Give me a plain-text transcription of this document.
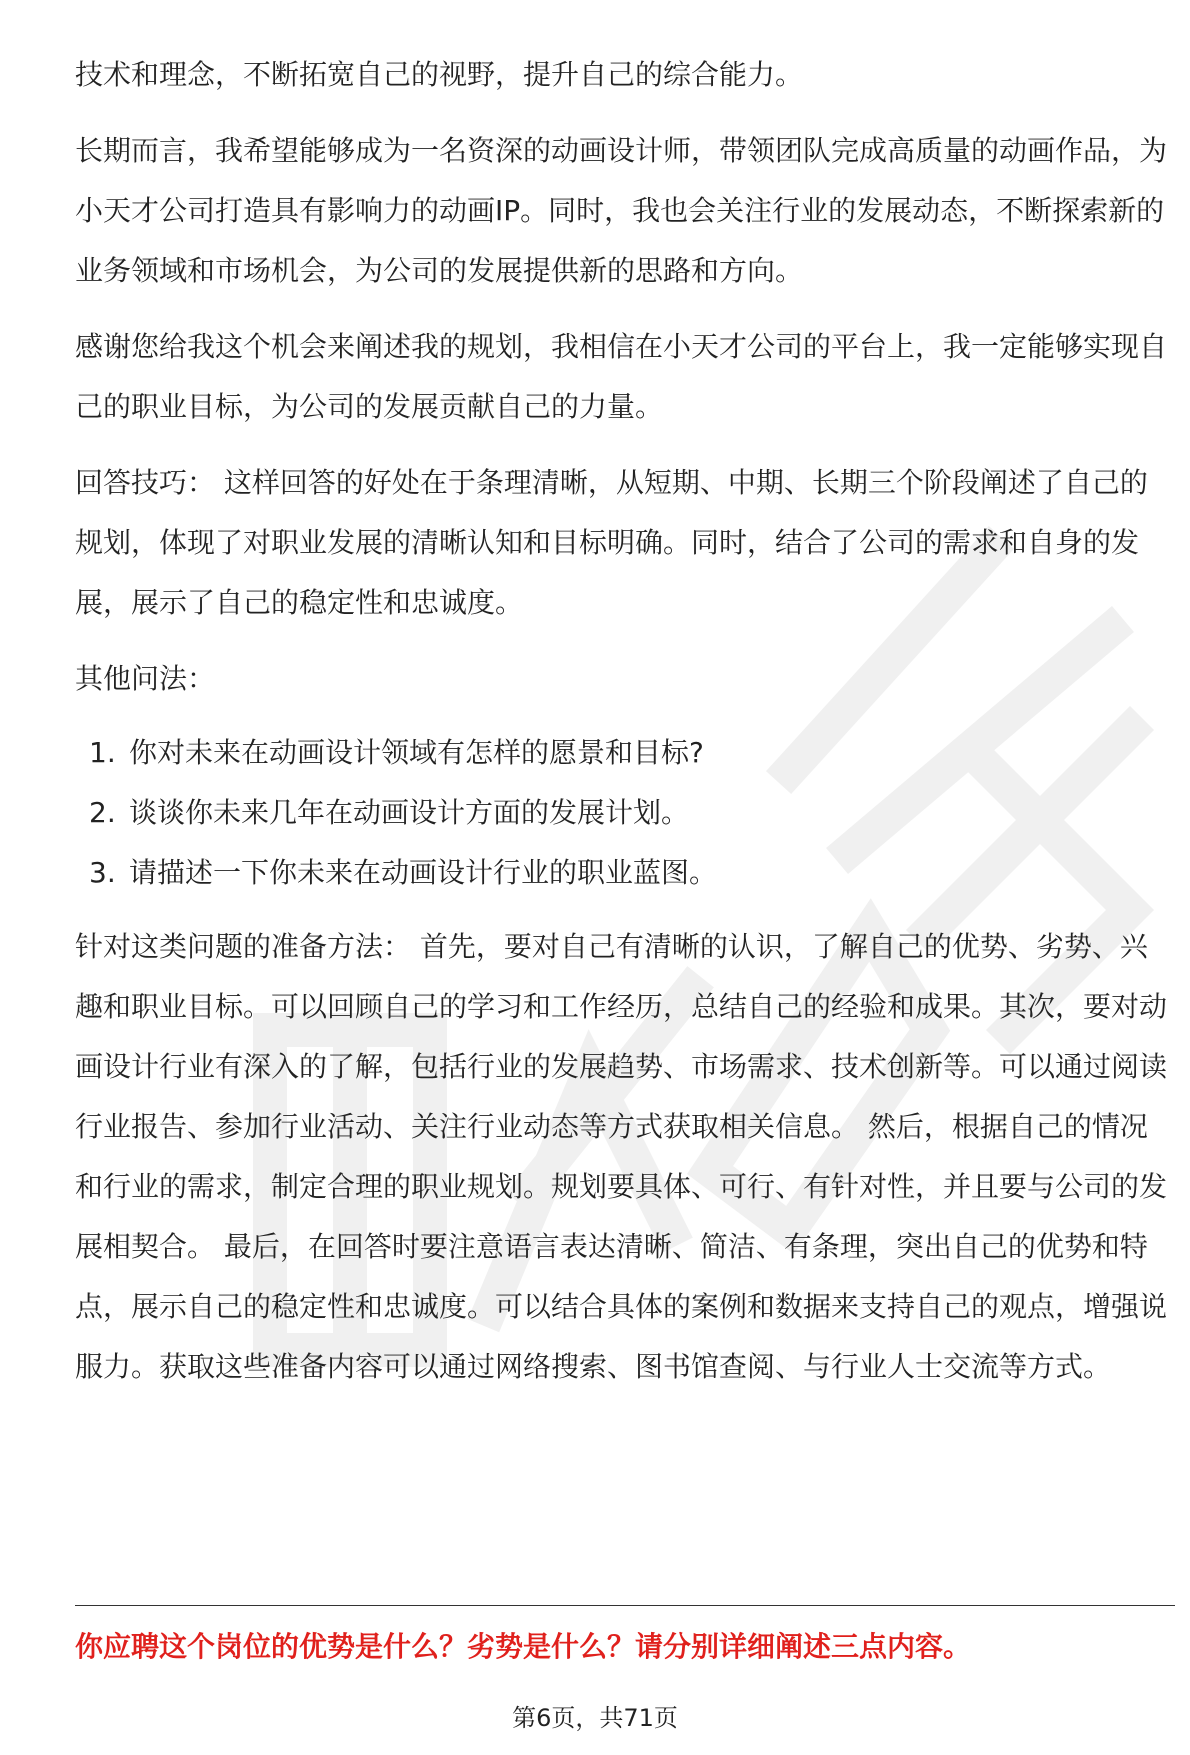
技术和理念，不断拓宽自己的视野，提升自己的综合能力。

长期而言，我希望能够成为一名资深的动画设计师，带领团队完成高质量的动画作品，为小天才公司打造具有影响力的动画IP。同时，我也会关注行业的发展动态，不断探索新的业务领域和市场机会，为公司的发展提供新的思路和方向。

感谢您给我这个机会来阐述我的规划，我相信在小天才公司的平台上，我一定能够实现自己的职业目标，为公司的发展贡献自己的力量。

回答技巧： 这样回答的好处在于条理清晰，从短期、中期、长期三个阶段阐述了自己的规划，体现了对职业发展的清晰认知和目标明确。同时，结合了公司的需求和自身的发展，展示了自己的稳定性和忠诚度。

其他问法：

1. 你对未来在动画设计领域有怎样的愿景和目标?
2. 谈谈你未来几年在动画设计方面的发展计划。
3. 请描述一下你未来在动画设计行业的职业蓝图。

针对这类问题的准备方法： 首先，要对自己有清晰的认识，了解自己的优势、劣势、兴趣和职业目标。可以回顾自己的学习和工作经历，总结自己的经验和成果。其次，要对动画设计行业有深入的了解，包括行业的发展趋势、市场需求、技术创新等。可以通过阅读行业报告、参加行业活动、关注行业动态等方式获取相关信息。 然后，根据自己的情况和行业的需求，制定合理的职业规划。规划要具体、可行、有针对性，并且要与公司的发展相契合。 最后，在回答时要注意语言表达清晰、简洁、有条理，突出自己的优势和特点，展示自己的稳定性和忠诚度。可以结合具体的案例和数据来支持自己的观点，增强说服力。获取这些准备内容可以通过网络搜索、图书馆查阅、与行业人士交流等方式。

你应聘这个岗位的优势是什么？劣势是什么？请分别详细阐述三点内容。
第6页，共71页
